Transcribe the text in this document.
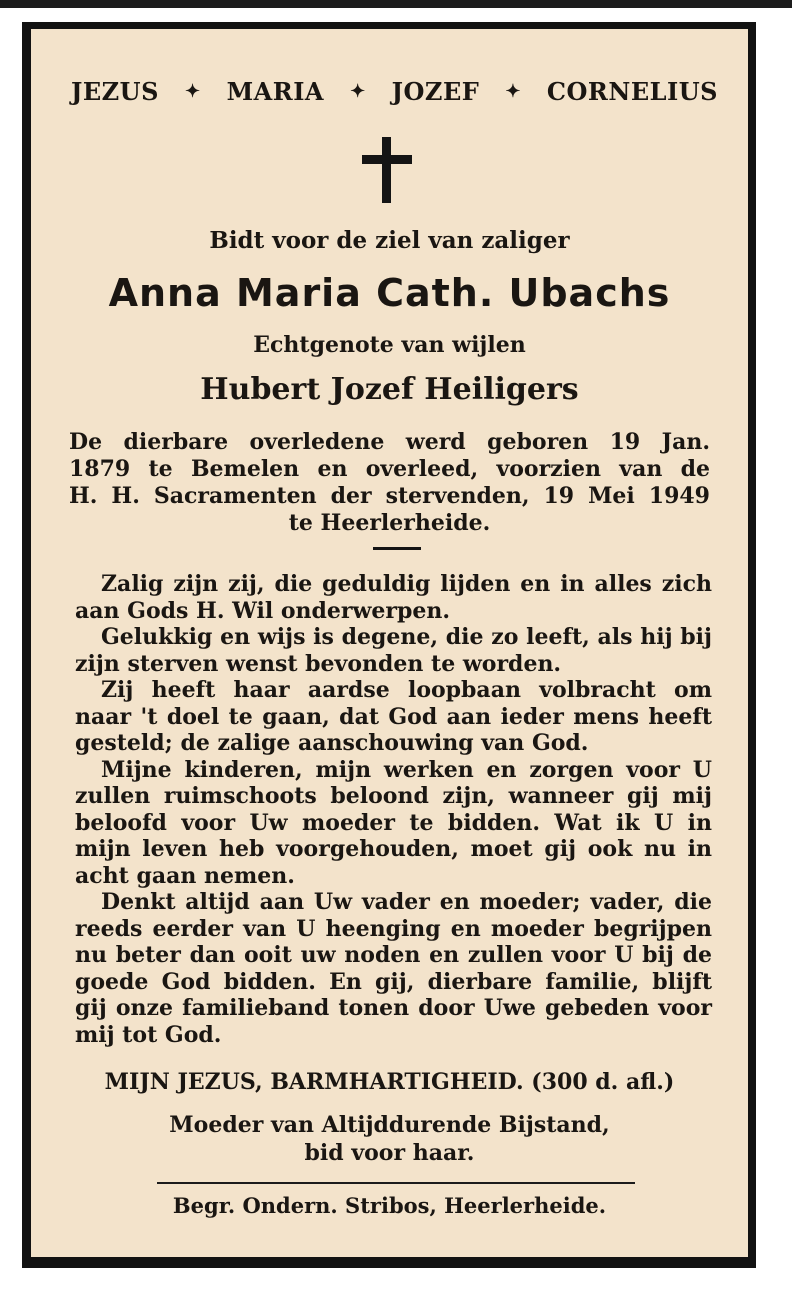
JEZUS ✦ MARIA ✦ JOZEF ✦ CORNELIUS
Bidt voor de ziel van zaliger
Anna Maria Cath. Ubachs
Echtgenote van wijlen
Hubert Jozef Heiligers
De dierbare overledene werd geboren 19 Jan.
1879 te Bemelen en overleed, voorzien van de
H. H. Sacramenten der stervenden, 19 Mei 1949
te Heerlerheide.

Zalig zijn zij, die geduldig lijden en in alles zich aan Gods H. Wil onderwerpen.

Gelukkig en wijs is degene, die zo leeft, als hij bij zijn sterven wenst bevonden te worden.

Zij heeft haar aardse loopbaan volbracht om naar 't doel te gaan, dat God aan ieder mens heeft gesteld; de zalige aanschouwing van God.

Mijne kinderen, mijn werken en zorgen voor U zullen ruimschoots beloond zijn, wanneer gij mij beloofd voor Uw moeder te bidden. Wat ik U in mijn leven heb voorgehouden, moet gij ook nu in acht gaan nemen.

Denkt altijd aan Uw vader en moeder; vader, die reeds eerder van U heenging en moeder begrijpen nu beter dan ooit uw noden en zullen voor U bij de goede God bidden. En gij, dierbare familie, blijft gij onze familieband tonen door Uwe gebeden voor mij tot God.

MIJN JEZUS, BARMHARTIGHEID. (300 d. afl.)
Moeder van Altijddurende Bijstand,
bid voor haar.
Begr. Ondern. Stribos, Heerlerheide.
